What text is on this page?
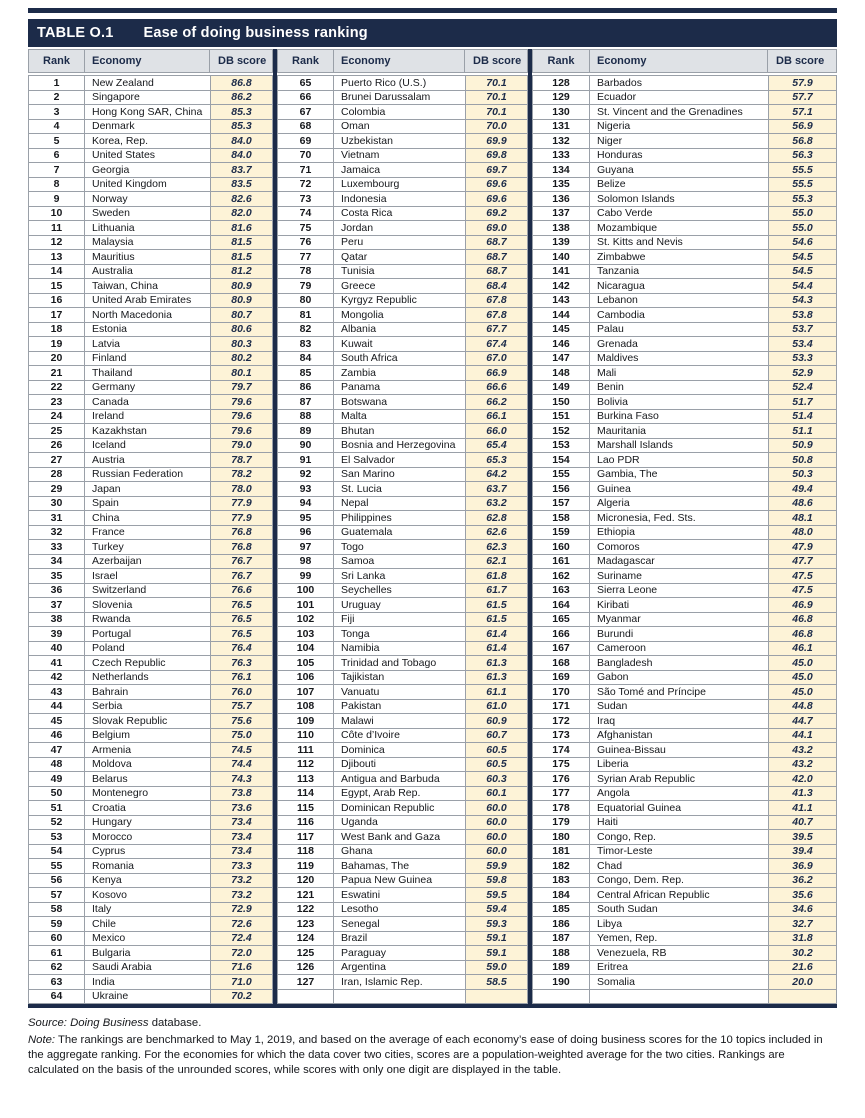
TABLE O.1 Ease of doing business ranking
Rank	Economy	DB score
1	New Zealand	86.8
2	Singapore	86.2
3	Hong Kong SAR, China	85.3
4	Denmark	85.3
5	Korea, Rep.	84.0
6	United States	84.0
7	Georgia	83.7
8	United Kingdom	83.5
9	Norway	82.6
10	Sweden	82.0
11	Lithuania	81.6
12	Malaysia	81.5
13	Mauritius	81.5
14	Australia	81.2
15	Taiwan, China	80.9
16	United Arab Emirates	80.9
17	North Macedonia	80.7
18	Estonia	80.6
19	Latvia	80.3
20	Finland	80.2
21	Thailand	80.1
22	Germany	79.7
23	Canada	79.6
24	Ireland	79.6
25	Kazakhstan	79.6
26	Iceland	79.0
27	Austria	78.7
28	Russian Federation	78.2
29	Japan	78.0
30	Spain	77.9
31	China	77.9
32	France	76.8
33	Turkey	76.8
34	Azerbaijan	76.7
35	Israel	76.7
36	Switzerland	76.6
37	Slovenia	76.5
38	Rwanda	76.5
39	Portugal	76.5
40	Poland	76.4
41	Czech Republic	76.3
42	Netherlands	76.1
43	Bahrain	76.0
44	Serbia	75.7
45	Slovak Republic	75.6
46	Belgium	75.0
47	Armenia	74.5
48	Moldova	74.4
49	Belarus	74.3
50	Montenegro	73.8
51	Croatia	73.6
52	Hungary	73.4
53	Morocco	73.4
54	Cyprus	73.4
55	Romania	73.3
56	Kenya	73.2
57	Kosovo	73.2
58	Italy	72.9
59	Chile	72.6
60	Mexico	72.4
61	Bulgaria	72.0
62	Saudi Arabia	71.6
63	India	71.0
64	Ukraine	70.2
Rank	Economy	DB score
65	Puerto Rico (U.S.)	70.1
66	Brunei Darussalam	70.1
67	Colombia	70.1
68	Oman	70.0
69	Uzbekistan	69.9
70	Vietnam	69.8
71	Jamaica	69.7
72	Luxembourg	69.6
73	Indonesia	69.6
74	Costa Rica	69.2
75	Jordan	69.0
76	Peru	68.7
77	Qatar	68.7
78	Tunisia	68.7
79	Greece	68.4
80	Kyrgyz Republic	67.8
81	Mongolia	67.8
82	Albania	67.7
83	Kuwait	67.4
84	South Africa	67.0
85	Zambia	66.9
86	Panama	66.6
87	Botswana	66.2
88	Malta	66.1
89	Bhutan	66.0
90	Bosnia and Herzegovina	65.4
91	El Salvador	65.3
92	San Marino	64.2
93	St. Lucia	63.7
94	Nepal	63.2
95	Philippines	62.8
96	Guatemala	62.6
97	Togo	62.3
98	Samoa	62.1
99	Sri Lanka	61.8
100	Seychelles	61.7
101	Uruguay	61.5
102	Fiji	61.5
103	Tonga	61.4
104	Namibia	61.4
105	Trinidad and Tobago	61.3
106	Tajikistan	61.3
107	Vanuatu	61.1
108	Pakistan	61.0
109	Malawi	60.9
110	Côte d’Ivoire	60.7
111	Dominica	60.5
112	Djibouti	60.5
113	Antigua and Barbuda	60.3
114	Egypt, Arab Rep.	60.1
115	Dominican Republic	60.0
116	Uganda	60.0
117	West Bank and Gaza	60.0
118	Ghana	60.0
119	Bahamas, The	59.9
120	Papua New Guinea	59.8
121	Eswatini	59.5
122	Lesotho	59.4
123	Senegal	59.3
124	Brazil	59.1
125	Paraguay	59.1
126	Argentina	59.0
127	Iran, Islamic Rep.	58.5
Rank	Economy	DB score
128	Barbados	57.9
129	Ecuador	57.7
130	St. Vincent and the Grenadines	57.1
131	Nigeria	56.9
132	Niger	56.8
133	Honduras	56.3
134	Guyana	55.5
135	Belize	55.5
136	Solomon Islands	55.3
137	Cabo Verde	55.0
138	Mozambique	55.0
139	St. Kitts and Nevis	54.6
140	Zimbabwe	54.5
141	Tanzania	54.5
142	Nicaragua	54.4
143	Lebanon	54.3
144	Cambodia	53.8
145	Palau	53.7
146	Grenada	53.4
147	Maldives	53.3
148	Mali	52.9
149	Benin	52.4
150	Bolivia	51.7
151	Burkina Faso	51.4
152	Mauritania	51.1
153	Marshall Islands	50.9
154	Lao PDR	50.8
155	Gambia, The	50.3
156	Guinea	49.4
157	Algeria	48.6
158	Micronesia, Fed. Sts.	48.1
159	Ethiopia	48.0
160	Comoros	47.9
161	Madagascar	47.7
162	Suriname	47.5
163	Sierra Leone	47.5
164	Kiribati	46.9
165	Myanmar	46.8
166	Burundi	46.8
167	Cameroon	46.1
168	Bangladesh	45.0
169	Gabon	45.0
170	São Tomé and Príncipe	45.0
171	Sudan	44.8
172	Iraq	44.7
173	Afghanistan	44.1
174	Guinea-Bissau	43.2
175	Liberia	43.2
176	Syrian Arab Republic	42.0
177	Angola	41.3
178	Equatorial Guinea	41.1
179	Haiti	40.7
180	Congo, Rep.	39.5
181	Timor-Leste	39.4
182	Chad	36.9
183	Congo, Dem. Rep.	36.2
184	Central African Republic	35.6
185	South Sudan	34.6
186	Libya	32.7
187	Yemen, Rep.	31.8
188	Venezuela, RB	30.2
189	Eritrea	21.6
190	Somalia	20.0
Source: Doing Business database.
Note: The rankings are benchmarked to May 1, 2019, and based on the average of each economy’s ease of doing business scores for the 10 topics included in the aggregate ranking. For the economies for which the data cover two cities, scores are a population-weighted average for the two cities. Rankings are calculated on the basis of the unrounded scores, while scores with only one digit are displayed in the table.
